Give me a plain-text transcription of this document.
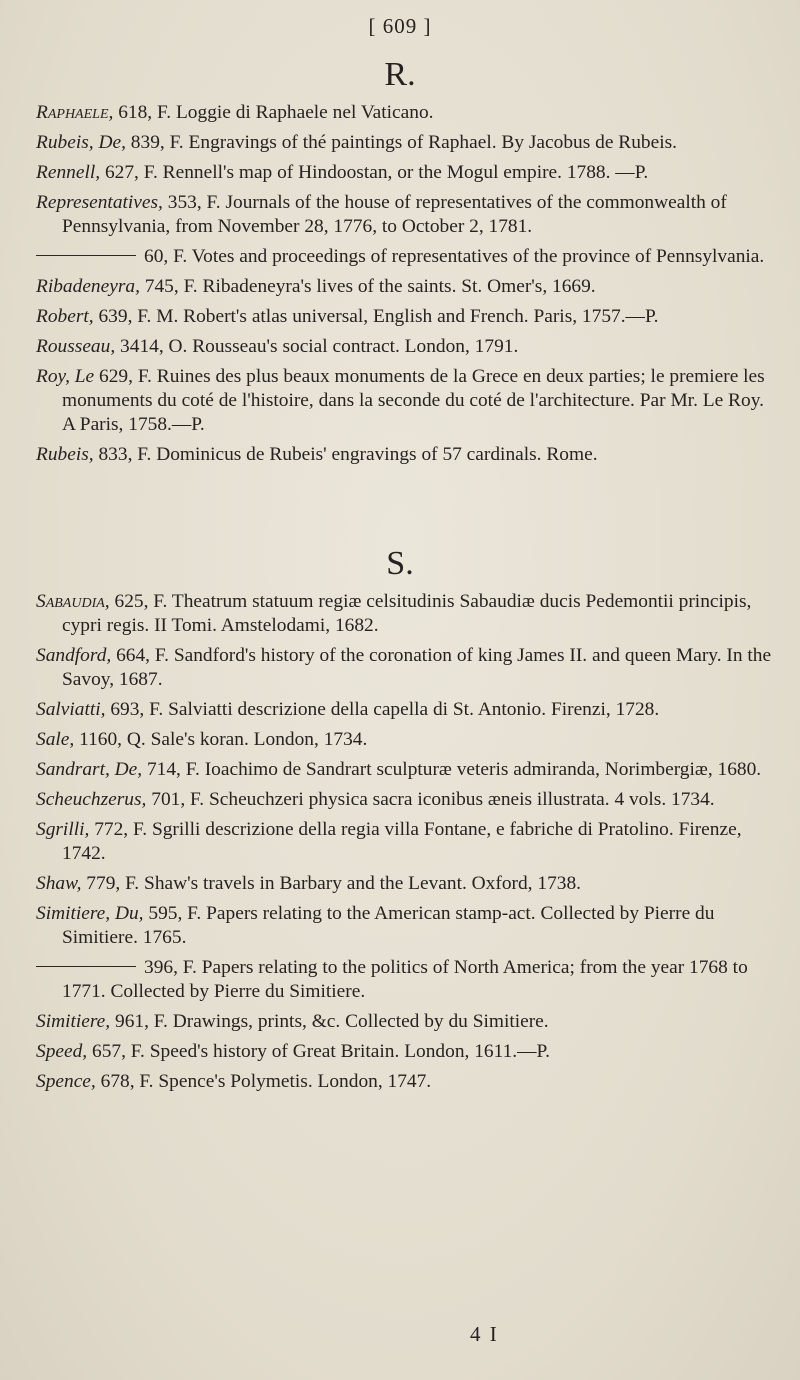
[ 609 ]
R.
Raphaele, 618, F. Loggie di Raphaele nel Vaticano.
Rubeis, De, 839, F. Engravings of thé paintings of Raphael. By Jacobus de Rubeis.
Rennell, 627, F. Rennell's map of Hindoostan, or the Mogul empire. 1788. —P.
Representatives, 353, F. Journals of the house of representatives of the commonwealth of Pennsylvania, from November 28, 1776, to October 2, 1781.
60, F. Votes and proceedings of representatives of the province of Pennsylvania.
Ribadeneyra, 745, F. Ribadeneyra's lives of the saints. St. Omer's, 1669.
Robert, 639, F. M. Robert's atlas universal, English and French. Paris, 1757.—P.
Rousseau, 3414, O. Rousseau's social contract. London, 1791.
Roy, Le 629, F. Ruines des plus beaux monuments de la Grece en deux parties; le premiere les monuments du coté de l'histoire, dans la seconde du coté de l'architecture. Par Mr. Le Roy. A Paris, 1758.—P.
Rubeis, 833, F. Dominicus de Rubeis' engravings of 57 cardinals. Rome.
S.
Sabaudia, 625, F. Theatrum statuum regiæ celsitudinis Sabaudiæ ducis Pedemontii principis, cypri regis. II Tomi. Amstelodami, 1682.
Sandford, 664, F. Sandford's history of the coronation of king James II. and queen Mary. In the Savoy, 1687.
Salviatti, 693, F. Salviatti descrizione della capella di St. Antonio. Firenzi, 1728.
Sale, 1160, Q. Sale's koran. London, 1734.
Sandrart, De, 714, F. Ioachimo de Sandrart sculpturæ veteris admiranda, Norimbergiæ, 1680.
Scheuchzerus, 701, F. Scheuchzeri physica sacra iconibus æneis illustrata. 4 vols. 1734.
Sgrilli, 772, F. Sgrilli descrizione della regia villa Fontane, e fabriche di Pratolino. Firenze, 1742.
Shaw, 779, F. Shaw's travels in Barbary and the Levant. Oxford, 1738.
Simitiere, Du, 595, F. Papers relating to the American stamp-act. Collected by Pierre du Simitiere. 1765.
396, F. Papers relating to the politics of North America; from the year 1768 to 1771. Collected by Pierre du Simitiere.
Simitiere, 961, F. Drawings, prints, &c. Collected by du Simitiere.
Speed, 657, F. Speed's history of Great Britain. London, 1611.—P.
Spence, 678, F. Spence's Polymetis. London, 1747.
4 I
